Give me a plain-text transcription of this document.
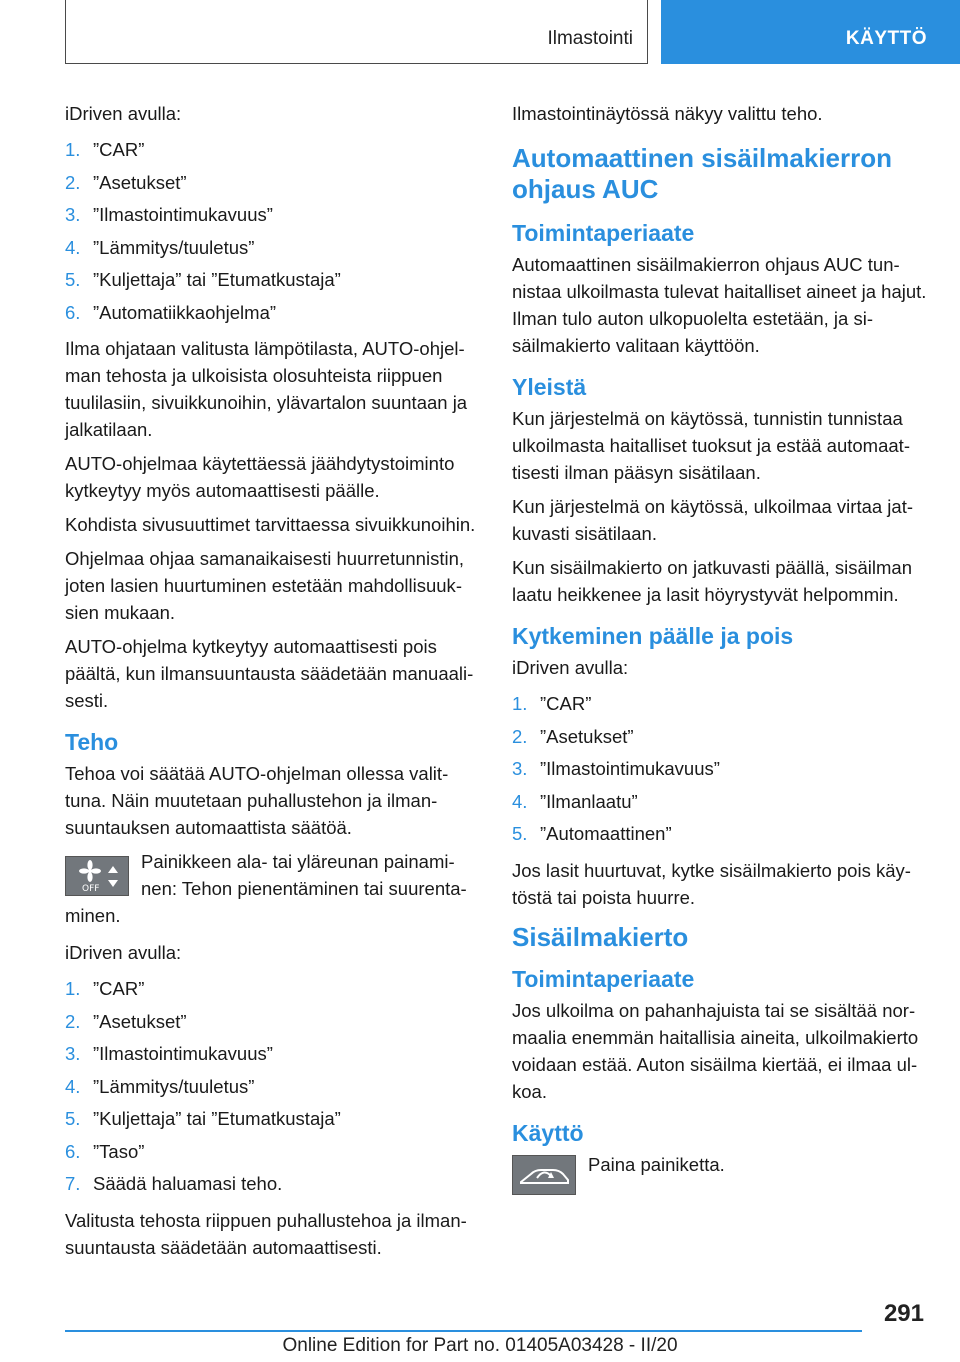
Ilmastointi	KÄYTTÖ

iDriven avulla:

1. ”CAR”
2. ”Asetukset”
3. ”Ilmastointimukavuus”
4. ”Lämmitys/tuuletus”
5. ”Kuljettaja” tai ”Etumatkustaja”
6. ”Automatiikkaohjelma”

Ilma ohjataan valitusta lämpötilasta, AUTO-ohjelman tehosta ja ulkoisista olosuhteista riippuen tuulilasiin, sivuikkunoihin, ylävartalon suuntaan ja jalkatilaan.

AUTO-ohjelmaa käytettäessä jäähdytystoiminto kytkeytyy myös automaattisesti päälle.

Kohdista sivusuuttimet tarvittaessa sivuikkunoihin.

Ohjelmaa ohjaa samanaikaisesti huurretunnistin, joten lasien huurtuminen estetään mahdollisuuksien mukaan.

AUTO-ohjelma kytkeytyy automaattisesti pois päältä, kun ilmansuuntausta säädetään manuaalisesti.

Teho

Tehoa voi säätää AUTO-ohjelman ollessa valittuna. Näin muutetaan puhallustehon ja ilmansuuntauksen automaattista säätöä.

OFF

Painikkeen ala- tai yläreunan painaminen: Tehon pienentäminen tai suurentaminen.

iDriven avulla:

1. ”CAR”
2. ”Asetukset”
3. ”Ilmastointimukavuus”
4. ”Lämmitys/tuuletus”
5. ”Kuljettaja” tai ”Etumatkustaja”
6. ”Taso”
7. Säädä haluamasi teho.

Valitusta tehosta riippuen puhallustehoa ja ilmansuuntausta säädetään automaattisesti.

Ilmastointinäytössä näkyy valittu teho.

Automaattinen sisäilmakierron ohjaus AUC
Toimintaperiaate

Automaattinen sisäilmakierron ohjaus AUC tunnistaa ulkoilmasta tulevat haitalliset aineet ja hajut. Ilman tulo auton ulkopuolelta estetään, ja sisäilmakierto valitaan käyttöön.

Yleistä

Kun järjestelmä on käytössä, tunnistin tunnistaa ulkoilmasta haitalliset tuoksut ja estää automaattisesti ilman pääsyn sisätilaan.

Kun järjestelmä on käytössä, ulkoilmaa virtaa jatkuvasti sisätilaan.

Kun sisäilmakierto on jatkuvasti päällä, sisäilman laatu heikkenee ja lasit höyrystyvät helpommin.

Kytkeminen päälle ja pois

iDriven avulla:

1. ”CAR”
2. ”Asetukset”
3. ”Ilmastointimukavuus”
4. ”Ilmanlaatu”
5. ”Automaattinen”

Jos lasit huurtuvat, kytke sisäilmakierto pois käytöstä tai poista huurre.

Sisäilmakierto
Toimintaperiaate

Jos ulkoilma on pahanhajuista tai se sisältää normaalia enemmän haitallisia aineita, ulkoilmakierto voidaan estää. Auton sisäilma kiertää, ei ilmaa ulkoa.

Käyttö

Paina painiketta.

291
Online Edition for Part no. 01405A03428 - II/20
